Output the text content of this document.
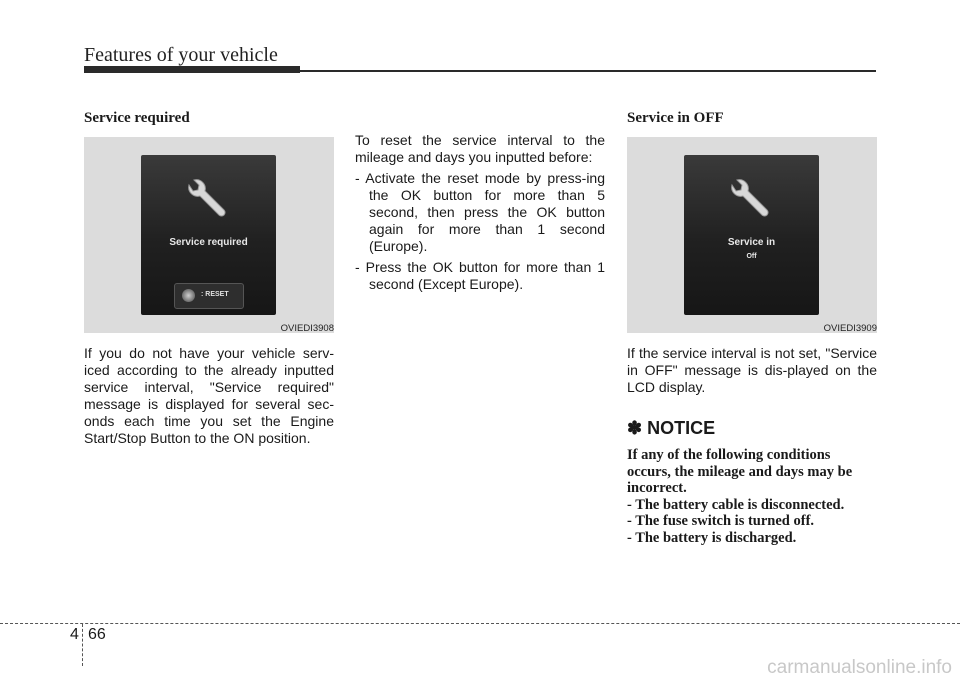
Features of your vehicle
Service required
Service required
: RESET
OVIEDI3908

If you do not have your vehicle serv-iced according to the already inputted service interval, "Service required" message is displayed for several sec-onds each time you set the Engine Start/Stop Button to the ON position.

To reset the service interval to the mileage and days you inputted before:

- Activate the reset mode by press-ing the OK button for more than 5 second, then press the OK button again for more than 1 second (Europe).

- Press the OK button for more than 1 second (Except Europe).

Service in OFF
Service in
Off
OVIEDI3909

If the service interval is not set, "Service in OFF" message is dis-played on the LCD display.

✽ NOTICE
If any of the following conditions occurs, the mileage and days may be incorrect.
- The battery cable is disconnected.
- The fuse switch is turned off.
- The battery is discharged.
4 66
carmanualsonline.info
